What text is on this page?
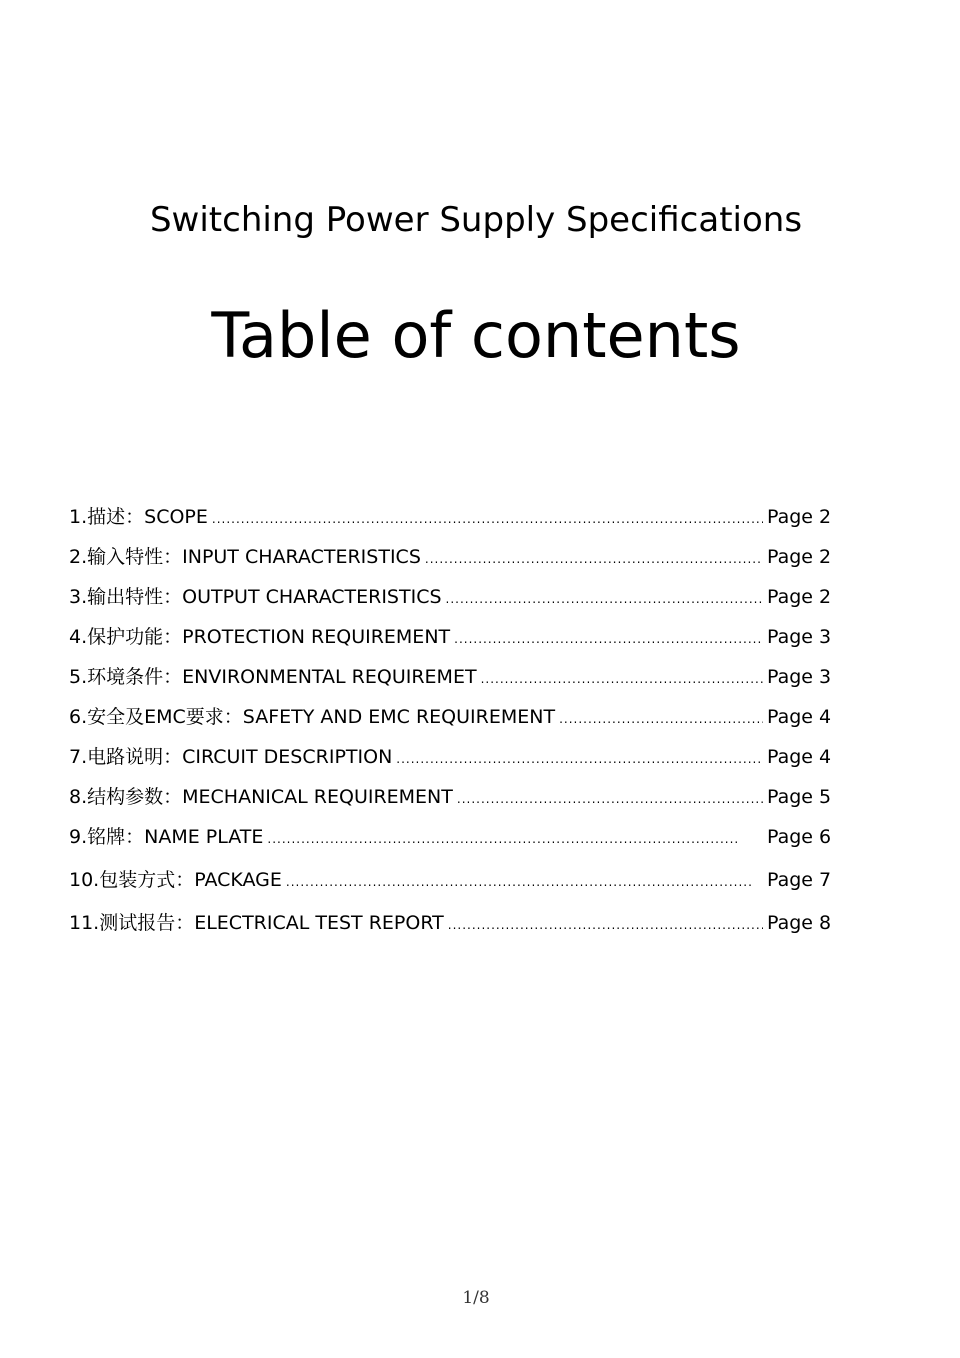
Switching Power Supply Specifications
Table of contents
1.描述：SCOPE .....	Page 2
2.输入特性：INPUT CHARACTERISTICS .....	Page 2
3.输出特性：OUTPUT CHARACTERISTICS .....	Page 2
4.保护功能：PROTECTION REQUIREMENT .....	Page 3
5.环境条件：ENVIRONMENTAL REQUIREMET .....	Page 3
6.安全及EMC要求：SAFETY AND EMC REQUIREMENT .....	Page 4
7.电路说明：CIRCUIT DESCRIPTION .....	Page 4
8.结构参数：MECHANICAL REQUIREMENT .....	Page 5
9.铭牌：NAME PLATE .....	Page 6
10.包装方式：PACKAGE .....	Page 7
11.测试报告：ELECTRICAL TEST REPORT .....	Page 8
1/8
